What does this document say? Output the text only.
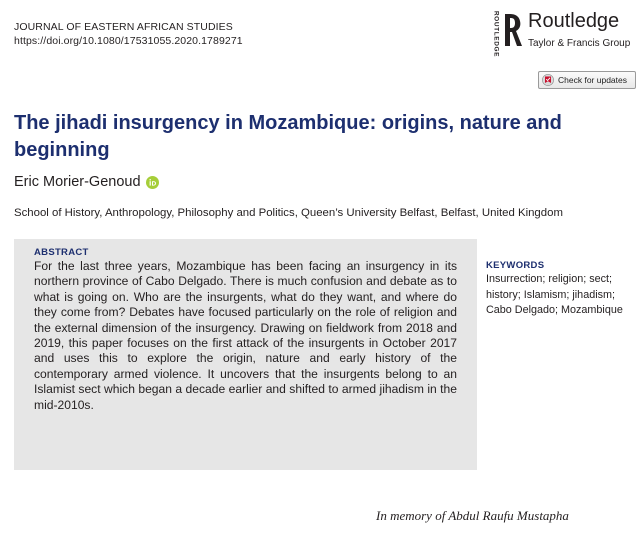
JOURNAL OF EASTERN AFRICAN STUDIES
https://doi.org/10.1080/17531055.2020.1789271	ROUTLEDGE Routledge
Taylor & Francis Group
Check for updates
The jihadi insurgency in Mozambique: origins, nature and beginning
Eric Morier-Genoud
School of History, Anthropology, Philosophy and Politics, Queen’s University Belfast, Belfast, United Kingdom
ABSTRACT
For the last three years, Mozambique has been facing an insurgency in its northern province of Cabo Delgado. There is much confusion and debate as to what is going on. Who are the insurgents, what do they want, and where do they come from? Debates have focused particularly on the role of religion and the external dimension of the insurgency. Drawing on fieldwork from 2018 and 2019, this paper focuses on the first attack of the insurgents in October 2017 and uses this to explore the origin, nature and early history of the contemporary armed violence. It uncovers that the insurgents belong to an Islamist sect which began a decade earlier and shifted to armed jihadism in the mid-2010s.
KEYWORDS
Insurrection; religion; sect; history; Islamism; jihadism; Cabo Delgado; Mozambique
In memory of Abdul Raufu Mustapha
